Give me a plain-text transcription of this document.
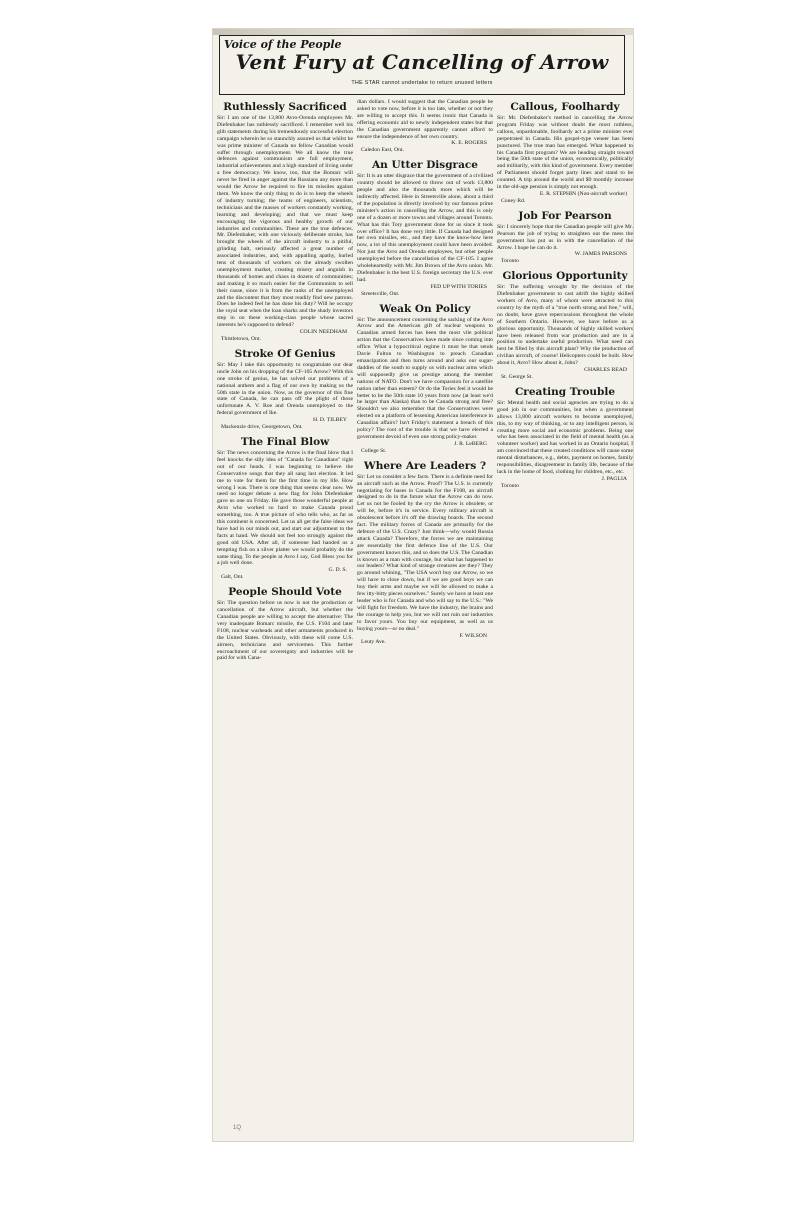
Voice of the People
Vent Fury at Cancelling of Arrow
THE STAR cannot undertake to return unused letters
Ruthlessly Sacrificed

Sir: I am one of the 13,800 Avro-Orenda employees Mr. Diefenbaker has ruthlessly sacrificed. I remember well his glib statements during his tremendously successful election campaign wherein he so staunchly assured us that whilst he was prime minister of Canada no fellow Canadian would suffer through unemployment. We all know the true defences against communism are full employment, industrial achievements and a high standard of living under a free democracy. We know, too, that the Bomarc will never be fired in anger against the Russians any more than would the Arrow be required to fire its missiles against them. We know the only thing to do is to keep the wheels of industry turning; the teams of engineers, scientists, technicians and the masses of workers constantly working, learning and developing; and that we must keep encouraging the vigorous and healthy growth of our industries and communities. These are the true defences. Mr. Diefenbaker, with one viciously deliberate stroke, has brought the wheels of the aircraft industry to a pitiful, grinding halt, seriously affected a great number of associated industries, and, with appalling apathy, hurled tens of thousands of workers on the already swollen unemployment market, creating misery and anguish in thousands of homes and chaos in dozens of communities; and making it so much easier for the Communists to sell their cause, since it is from the ranks of the unemployed and the discontent that they most readily find new patrons. Does he indeed feel he has done his duty? Will he occupy the royal seat when the loan sharks and the shady investors step in on these working-class people whose sacred interests he's supposed to defend?

COLIN NEEDHAM

Thistletown, Ont.

Stroke Of Genius

Sir: May I take this opportunity to congratulate our dear uncle John on his dropping of the CF-105 Arrow? With this one stroke of genius, he has solved our problems of a national anthem and a flag of our own by making us the 50th state in the union. Now, as the governor of this fine state of Canada, he can pass off the plight of those unfortunate A. V. Roe and Orenda unemployed to the federal government of Ike.

H. D. TILBEY

Mackenzie drive, Georgetown, Ont.

The Final Blow

Sir: The news concerning the Arrow is the final blow that I feel knocks the silly idea of "Canada for Canadians" right out of our heads. I was beginning to believe the Conservative songs that they all sang last election. It led me to vote for them for the first time in my life. How wrong I was. There is one thing that seems clear now. We need no longer debate a new flag for John Diefenbaker gave us one on Friday. He gave those wonderful people at Avro who worked so hard to make Canada proud something, too. A true picture of who tells who, as far as this continent is concerned. Let us all get the false ideas we have had in our minds out, and start our adjustment to the facts at hand. We should not feel too strongly against the good old USA. After all, if someone had handed us a tempting fish on a silver platter we would probably do the same thing. To the people at Avro I say, God Bless you for a job well done.

G. D. S.

Galt, Ont.

People Should Vote

Sir: The question before us now is not the production or cancellation of the Arrow aircraft, but whether the Canadian people are willing to accept the alternative: The very inadequate Bomarc missile, the U.S. F104 and later F108, nuclear warheads and other armaments produced in the United States. Obviously, with these will come U.S. airmen, technicians and servicemen. This further encroachment of our sovereignty and industries will be paid for with Cana-

dian dollars. I would suggest that the Canadian people be asked to vote now, before it is too late, whether or not they are willing to accept this. It seems ironic that Canada is offering economic aid to newly independent states but that the Canadian government apparently cannot afford to ensure the independence of her own country.

K. E. ROGERS

Caledon East, Ont.

An Utter Disgrace

Sir: It is an utter disgrace that the government of a civilized country should be allowed to throw out of work 13,800 people and also the thousands more which will be indirectly affected. Here in Streetsville alone, about a third of the population is directly involved by our famous prime minister's action in cancelling the Arrow, and this is only one of a dozen or more towns and villages around Toronto. What has this Tory government done for us since it took over office? It has done very little. If Canada had designed her own missiles, etc., and they have the know-how here now, a lot of this unemployment could have been avoided. Not just the Avro and Orenda employees, but other people unemployed before the cancellation of the CF-105. I agree wholeheartedly with Mr. Jim Brown of the Avro union. Mr. Diefenbaker is the best U.S. foreign secretary the U.S. ever had.

FED UP WITH TORIES

Streetsville, Ont.

Weak On Policy

Sir: The announcement concerning the sacking of the Avro Arrow and the American gift of nuclear weapons to Canadian armed forces has been the most vile political action that the Conservatives have made since coming into office. What a hypocritical regime it must be that sends Davie Fulton to Washington to preach Canadian emancipation and then turns around and asks our sugar-daddies of the south to supply us with nuclear arms which will supposedly give us prestige among the member nations of NATO. Don't we have compassion for a satellite nation rather than esteem? Or do the Tories feel it would be better to be the 50th state 10 years from now (at least we'd be larger than Alaska) than to be Canada strong and free? Shouldn't we also remember that the Conservatives were elected on a platform of lessening American interference in Canadian affairs? Isn't Friday's statement a breach of this policy? The root of the trouble is that we have elected a government devoid of even one strong policy-maker.

J. R. LeBERG

College St.

Where Are Leaders ?

Sir: Let us consider a few facts. There is a definite need for an aircraft such as the Arrow. Proof? The U.S. is currently negotiating for bases in Canada for the F108, an aircraft designed to do in the future what the Arrow can do now. Let us not be fooled by the cry the Arrow is obsolete, or will be, before it's in service. Every military aircraft is obsolescent before it's off the drawing boards. The second fact. The military forces of Canada are primarily for the defence of the U.S. Crazy? Just think—why would Russia attack Canada? Therefore, the forces we are maintaining are essentially the first defence line of the U.S. Our government knows this, and so does the U.S. The Canadian is known as a man with courage, but what has happened to our leaders? What kind of strange creatures are they? They go around whining, "The USA won't buy our Arrow, so we will have to close down, but if we are good boys we can buy their arms and maybe we will be allowed to make a few itty-bitty pieces ourselves." Surely we have at least one leader who is for Canada and who will say to the U.S.: "We will fight for freedom. We have the industry, the brains and the courage to help you, but we will not ruin our industries to favor yours. You buy our equipment, as well as us buying yours—or no deal."

F. WILSON

Leuty Ave.

Callous, Foolhardy

Sir: Mr. Diefenbaker's method in cancelling the Arrow program Friday was without doubt the most ruthless, callous, unpardonable, foolhardy act a prime minister ever perpetrated in Canada. His gospel-type veneer has been punctured. The true man has emerged. What happened to his Canada first program? We are heading straight toward being the 50th state of the union, economically, politically and militarily, with this kind of government. Every member of Parliament should forget party lines and stand to be counted. A trip around the world and $9 monthly increase in the old-age pension is simply not enough.

E. R. STEPHIN (Non-aircraft worker)

Coney Rd.

Job For Pearson

Sir: I sincerely hope that the Canadian people will give Mr. Pearson the job of trying to straighten out the mess the government has put us in with the cancellation of the Arrow. I hope he can do it.

W. JAMES PARSONS

Toronto

Glorious Opportunity

Sir: The suffering wrought by the decision of the Diefenbaker government to cast adrift the highly skilled workers of Avro, many of whom were attracted to this country by the myth of a "true north strong and free," will, no doubt, have grave repercussions throughout the whole of Southern Ontario. However, we have before us a glorious opportunity. Thousands of highly skilled workers have been released from war production and are in a position to undertake useful production. What need can best be filled by this aircraft plant? Why the production of civilian aircraft, of course! Helicopters could be built. How about it, Avro? How about it, John?

CHARLES READ

St. George St.

Creating Trouble

Sir: Mental health and social agencies are trying to do a good job in our communities, but when a government allows 13,800 aircraft workers to become unemployed, this, to my way of thinking, or to any intelligent person, is creating more social and economic problems. Being one who has been associated in the field of mental health (as a volunteer worker) and has worked in an Ontario hospital, I am convinced that these created conditions will cause some mental disturbances, e.g., debts, payment on homes, family responsibilities, disagreement in family life, because of the lack in the home of food, clothing for children, etc., etc.

J. PAGLIA

Toronto

1Q
